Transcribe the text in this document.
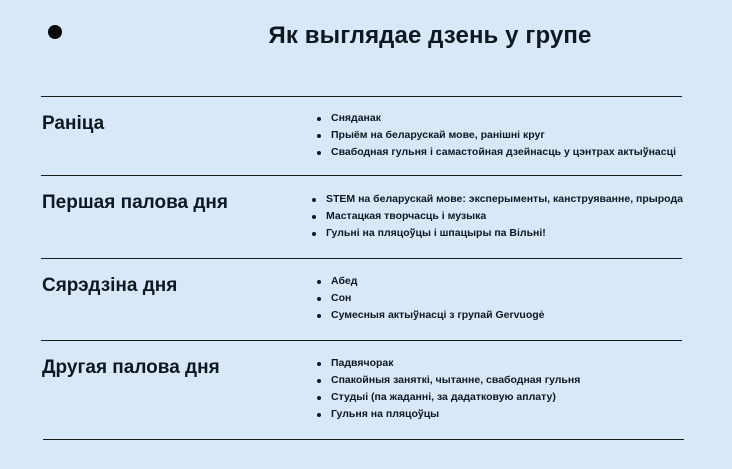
Як выглядае дзень у групе
Раніца	Сняданак
Прыём на беларускай мове, ранішні круг
Свабодная гульня і самастойная дзейнасць у цэнтрах актыўнасці
Першая палова дня	STEM на беларускай мове: эксперыменты, канструяванне, прырода
Мастацкая творчасць і музыка
Гульні на пляцоўцы і шпацыры па Вільні!
Сярэдзіна дня	Абед
Сон
Сумесныя актыўнасці з групай Gervuogė
Другая палова дня	Падвячорак
Спакойныя заняткі, чытанне, свабодная гульня
Студыі (па жаданні, за дадатковую аплату)
Гульня на пляцоўцы
